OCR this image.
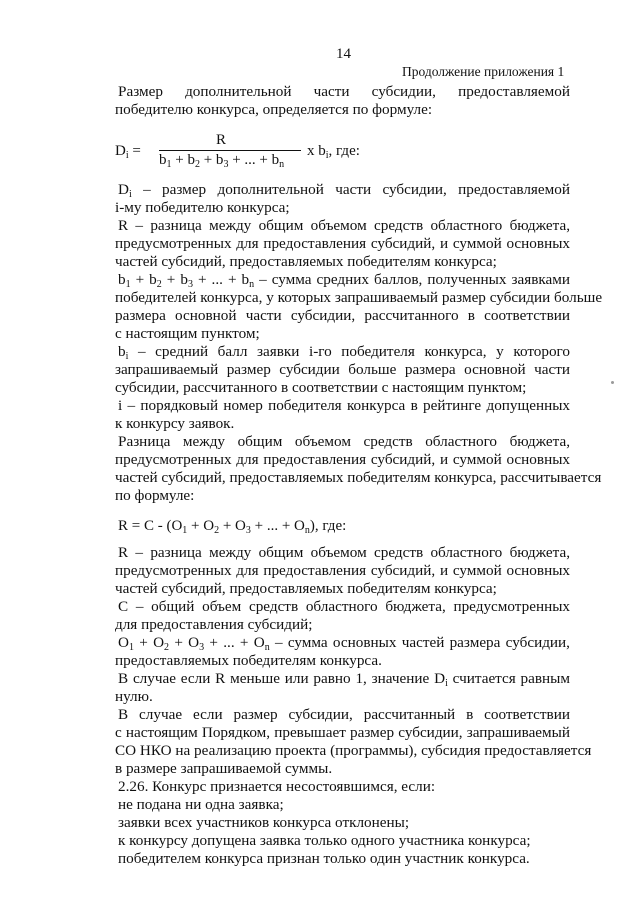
14
Продолжение приложения 1
Размер дополнительной части субсидии, предоставляемой
победителю конкурса, определяется по формуле:
$D_i$ =
R
$b_1 + b_2 + b_3$ + ... + $b_n$
x $b_i$, где:
$D_i$ – размер дополнительной части субсидии, предоставляемой
i-му победителю конкурса;
R – разница между общим объемом средств областного бюджета,
предусмотренных для предоставления субсидий, и суммой основных
частей субсидий, предоставляемых победителям конкурса;
$b_1 + b_2 + b_3$ + ... + $b_n$ – сумма средних баллов, полученных заявками
победителей конкурса, у которых запрашиваемый размер субсидии больше
размера основной части субсидии, рассчитанного в соответствии
с настоящим пунктом;
$b_i$ – средний балл заявки i-го победителя конкурса, у которого
запрашиваемый размер субсидии больше размера основной части
субсидии, рассчитанного в соответствии с настоящим пунктом;
i – порядковый номер победителя конкурса в рейтинге допущенных
к конкурсу заявок.
Разница между общим объемом средств областного бюджета,
предусмотренных для предоставления субсидий, и суммой основных
частей субсидий, предоставляемых победителям конкурса, рассчитывается
по формуле:
$R = C - (O_1 + O_2 + O_3$ + ... + $O_n$), где:
R – разница между общим объемом средств областного бюджета,
предусмотренных для предоставления субсидий, и суммой основных
частей субсидий, предоставляемых победителям конкурса;
С – общий объем средств областного бюджета, предусмотренных
для предоставления субсидий;
$O_1 + O_2 + O_3$ + ... + $O_n$ – сумма основных частей размера субсидии,
предоставляемых победителям конкурса.
В случае если R меньше или равно 1, значение $D_i$ считается равным
нулю.
В случае если размер субсидии, рассчитанный в соответствии
с настоящим Порядком, превышает размер субсидии, запрашиваемый
СО НКО на реализацию проекта (программы), субсидия предоставляется
в размере запрашиваемой суммы.
2.26. Конкурс признается несостоявшимся, если:
не подана ни одна заявка;
заявки всех участников конкурса отклонены;
к конкурсу допущена заявка только одного участника конкурса;
победителем конкурса признан только один участник конкурса.
